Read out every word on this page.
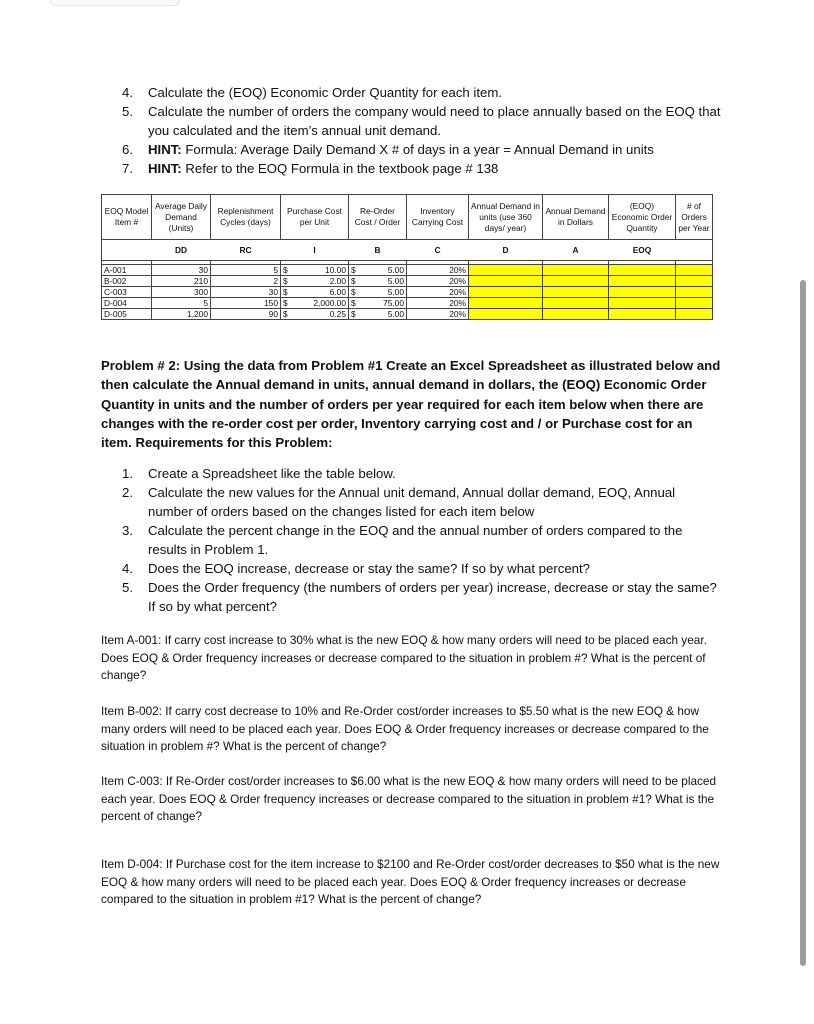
4. Calculate the (EOQ) Economic Order Quantity for each item.
5. Calculate the number of orders the company would need to place annually based on the EOQ that you calculated and the item’s annual unit demand.
6. HINT: Formula: Average Daily Demand X # of days in a year = Annual Demand in units
7. HINT: Refer to the EOQ Formula in the textbook page # 138
EOQ Model Item #	Average Daily Demand (Units)	Replenishment Cycles (days)	Purchase Cost per Unit	Re-Order Cost / Order	Inventory Carrying Cost	Annual Demand in units (use 360 days/ year)	Annual Demand in Dollars	(EOQ) Economic Order Quantity	# of Orders per Year
	DD	RC	I	B	C	D	A	EOQ	

A-001	30	5	$ 10.00	$ 5.00	20%				
B-002	210	2	$ 2.00	$ 5.00	20%				
C-003	300	30	$ 6.00	$ 5.00	20%				
D-004	5	150	$ 2,000.00	$ 75.00	20%				
D-005	1,200	90	$ 0.25	$ 5.00	20%				

Problem # 2: Using the data from Problem #1 Create an Excel Spreadsheet as illustrated below and then calculate the Annual demand in units, annual demand in dollars, the (EOQ) Economic Order Quantity in units and the number of orders per year required for each item below when there are changes with the re-order cost per order, Inventory carrying cost and / or Purchase cost for an item. Requirements for this Problem:

1. Create a Spreadsheet like the table below.
2. Calculate the new values for the Annual unit demand, Annual dollar demand, EOQ, Annual number of orders based on the changes listed for each item below
3. Calculate the percent change in the EOQ and the annual number of orders compared to the results in Problem 1.
4. Does the EOQ increase, decrease or stay the same? If so by what percent?
5. Does the Order frequency (the numbers of orders per year) increase, decrease or stay the same? If so by what percent?

Item A-001: If carry cost increase to 30% what is the new EOQ & how many orders will need to be placed each year. Does EOQ & Order frequency increases or decrease compared to the situation in problem #? What is the percent of change?

Item B-002: If carry cost decrease to 10% and Re-Order cost/order increases to $5.50 what is the new EOQ & how many orders will need to be placed each year. Does EOQ & Order frequency increases or decrease compared to the situation in problem #? What is the percent of change?

Item C-003: If Re-Order cost/order increases to $6.00 what is the new EOQ & how many orders will need to be placed each year. Does EOQ & Order frequency increases or decrease compared to the situation in problem #1? What is the percent of change?

Item D-004: If Purchase cost for the item increase to $2100 and Re-Order cost/order decreases to $50 what is the new EOQ & how many orders will need to be placed each year. Does EOQ & Order frequency increases or decrease compared to the situation in problem #1? What is the percent of change?
